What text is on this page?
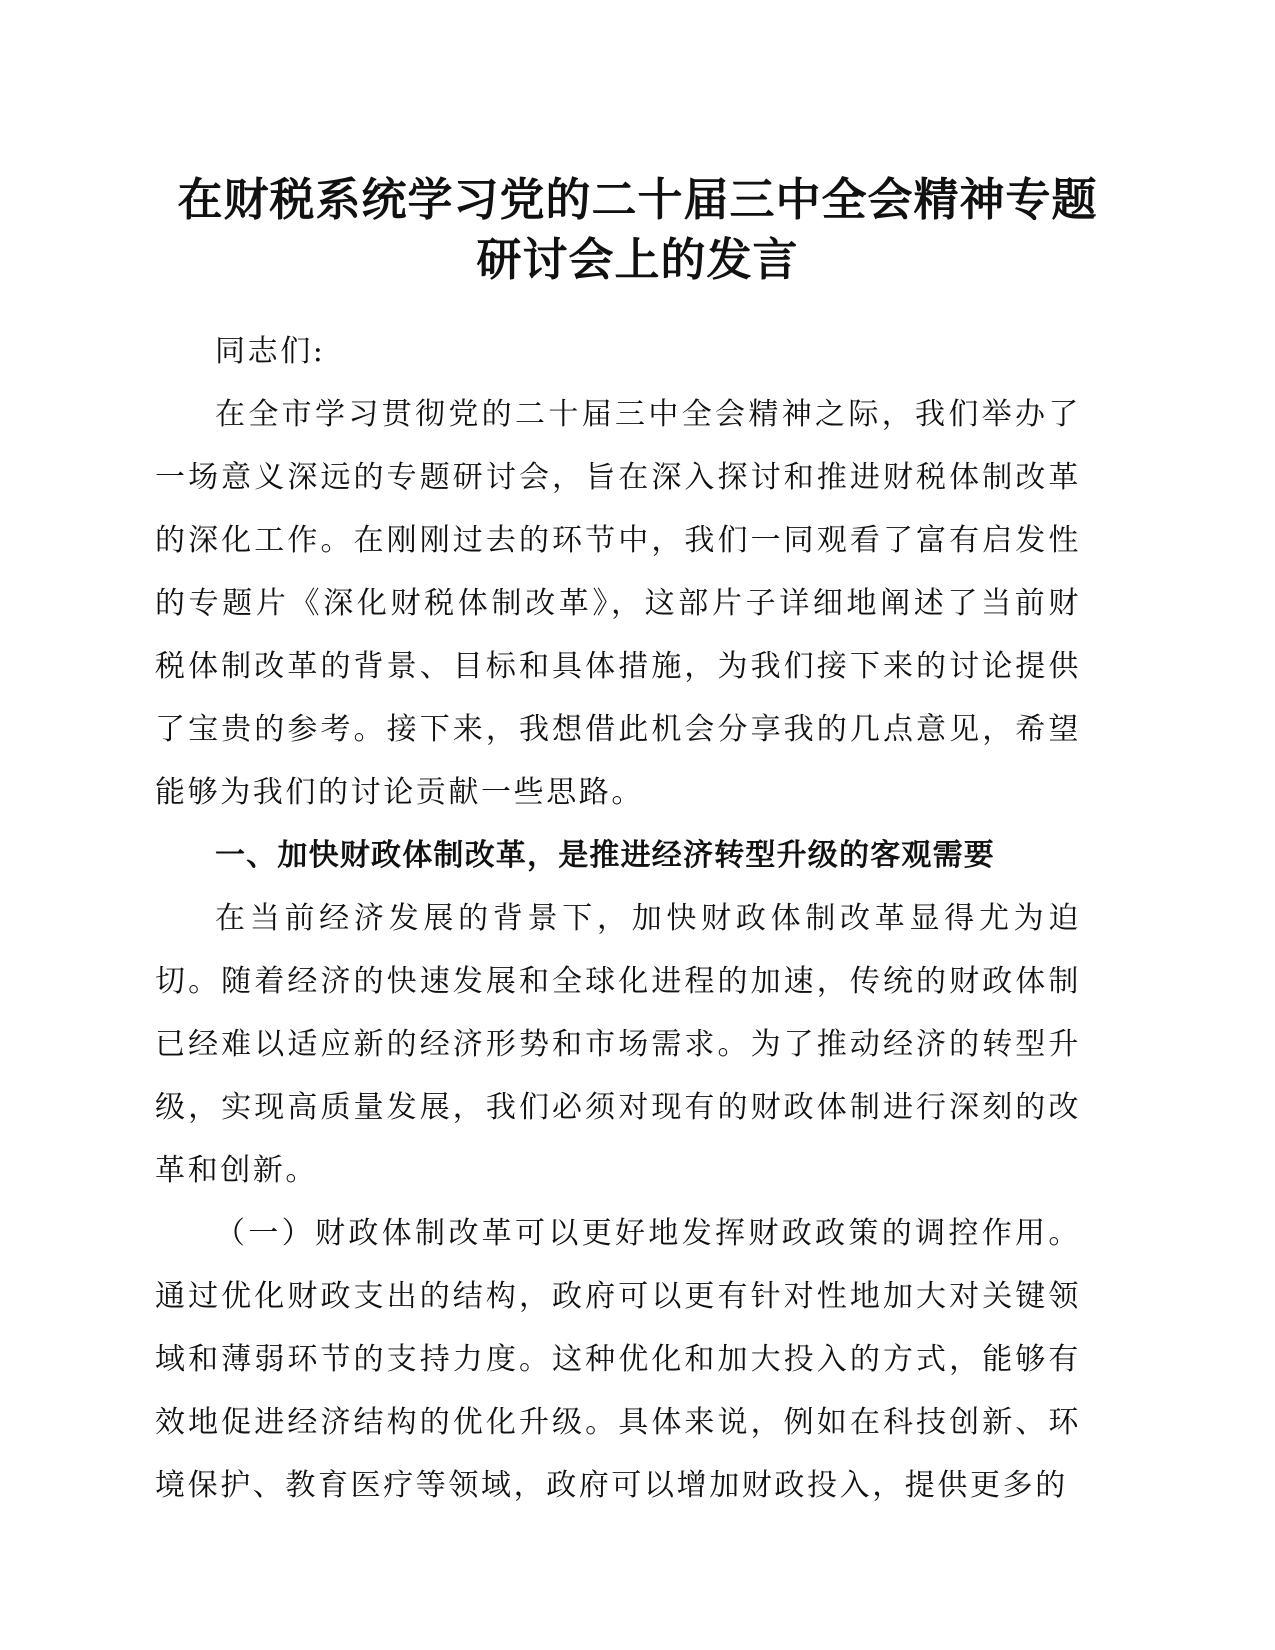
在财税系统学习党的二十届三中全会精神专题
研讨会上的发言

同志们:

在全市学习贯彻党的二十届三中全会精神之际，我们举办了一场意义深远的专题研讨会，旨在深入探讨和推进财税体制改革的深化工作。在刚刚过去的环节中，我们一同观看了富有启发性的专题片《深化财税体制改革》，这部片子详细地阐述了当前财税体制改革的背景、目标和具体措施，为我们接下来的讨论提供了宝贵的参考。接下来，我想借此机会分享我的几点意见，希望能够为我们的讨论贡献一些思路。

一、加快财政体制改革，是推进经济转型升级的客观需要

在当前经济发展的背景下，加快财政体制改革显得尤为迫切。随着经济的快速发展和全球化进程的加速，传统的财政体制已经难以适应新的经济形势和市场需求。为了推动经济的转型升级，实现高质量发展，我们必须对现有的财政体制进行深刻的改革和创新。

（一）财政体制改革可以更好地发挥财政政策的调控作用。通过优化财政支出的结构，政府可以更有针对性地加大对关键领域和薄弱环节的支持力度。这种优化和加大投入的方式，能够有效地促进经济结构的优化升级。具体来说，例如在科技创新、环境保护、教育医疗等领域，政府可以增加财政投入，提供更多的
